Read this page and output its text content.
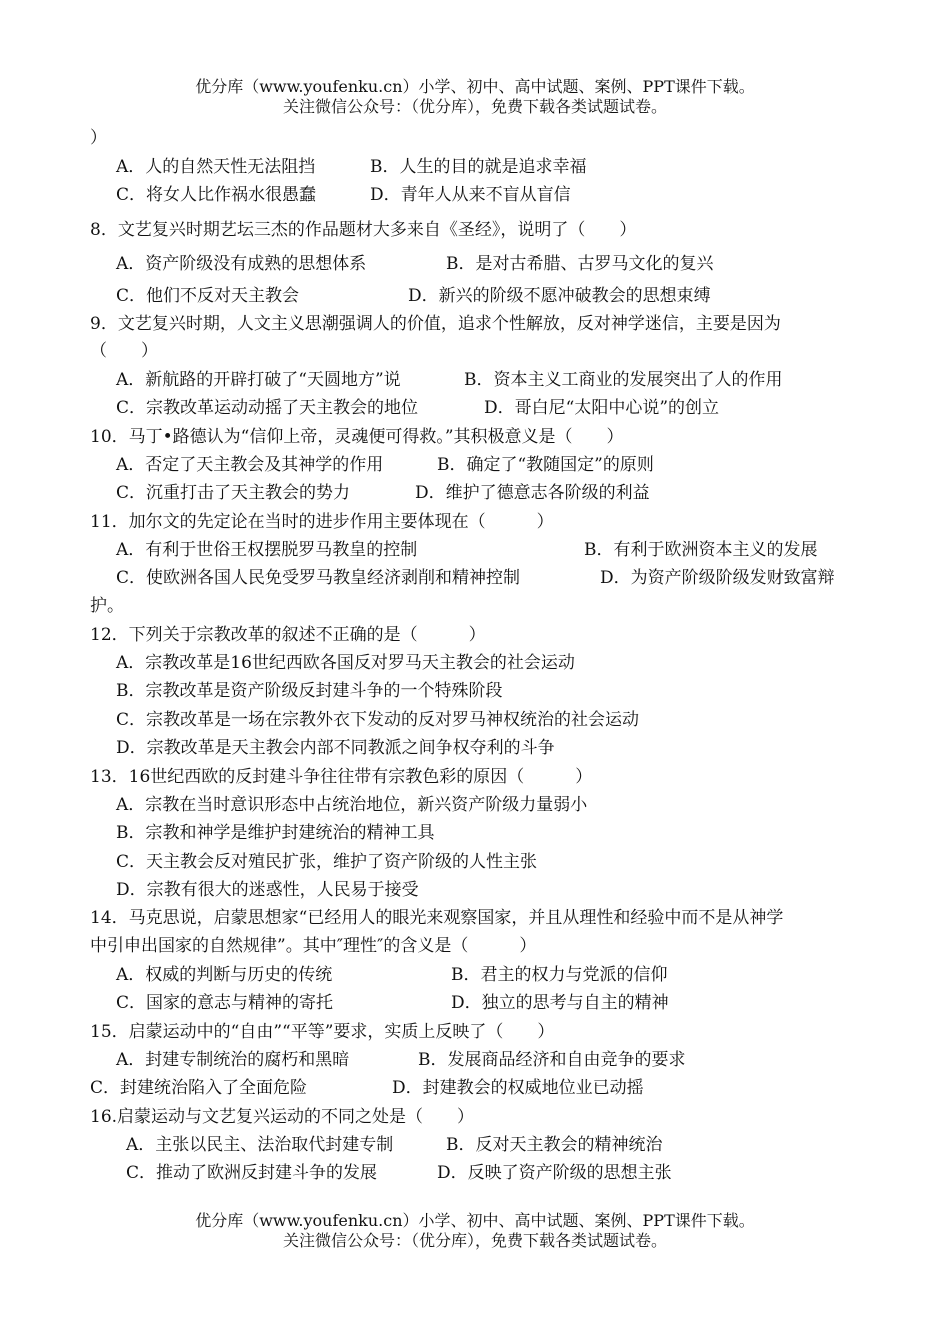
优分库（www.youfenku.cn）小学、初中、高中试题、案例、PPT课件下载。
关注微信公众号：（优分库），免费下载各类试题试卷。
）
A．人的自然天性无法阻挡	B．人生的目的就是追求幸福
C．将女人比作祸水很愚蠢	D．青年人从来不盲从盲信
8．文艺复兴时期艺坛三杰的作品题材大多来自《圣经》，说明了（　　）
A．资产阶级没有成熟的思想体系	B．是对古希腊、古罗马文化的复兴
C．他们不反对天主教会	D．新兴的阶级不愿冲破教会的思想束缚
9．文艺复兴时期，人文主义思潮强调人的价值，追求个性解放，反对神学迷信，主要是因为
（　　）
A．新航路的开辟打破了“天圆地方”说	B．资本主义工商业的发展突出了人的作用
C．宗教改革运动动摇了天主教会的地位	D．哥白尼“太阳中心说”的创立
10．马丁•路德认为“信仰上帝，灵魂便可得救。”其积极意义是（　　）
A．否定了天主教会及其神学的作用	B．确定了“教随国定”的原则
C．沉重打击了天主教会的势力	D．维护了德意志各阶级的利益
11．加尔文的先定论在当时的进步作用主要体现在（　　　）
A．有利于世俗王权摆脱罗马教皇的控制	B．有利于欧洲资本主义的发展
C．使欧洲各国人民免受罗马教皇经济剥削和精神控制	D．为资产阶级阶级发财致富辩
护。
12．下列关于宗教改革的叙述不正确的是（　　　）
A．宗教改革是16世纪西欧各国反对罗马天主教会的社会运动
B．宗教改革是资产阶级反封建斗争的一个特殊阶段
C．宗教改革是一场在宗教外衣下发动的反对罗马神权统治的社会运动
D．宗教改革是天主教会内部不同教派之间争权夺利的斗争
13．16世纪西欧的反封建斗争往往带有宗教色彩的原因（　　　）
A．宗教在当时意识形态中占统治地位，新兴资产阶级力量弱小
B．宗教和神学是维护封建统治的精神工具
C．天主教会反对殖民扩张，维护了资产阶级的人性主张
D．宗教有很大的迷惑性，人民易于接受
14．马克思说，启蒙思想家“已经用人的眼光来观察国家，并且从理性和经验中而不是从神学
中引申出国家的自然规律”。其中″理性″的含义是（　　　）
A．权威的判断与历史的传统	B．君主的权力与党派的信仰
C．国家的意志与精神的寄托	D．独立的思考与自主的精神
15．启蒙运动中的“自由”“平等”要求，实质上反映了（　　）
A．封建专制统治的腐朽和黑暗	B．发展商品经济和自由竞争的要求
C．封建统治陷入了全面危险	D．封建教会的权威地位业已动摇
16.启蒙运动与文艺复兴运动的不同之处是（　　）
A．主张以民主、法治取代封建专制	B．反对天主教会的精神统治
C．推动了欧洲反封建斗争的发展	D．反映了资产阶级的思想主张
优分库（www.youfenku.cn）小学、初中、高中试题、案例、PPT课件下载。
关注微信公众号：（优分库），免费下载各类试题试卷。
